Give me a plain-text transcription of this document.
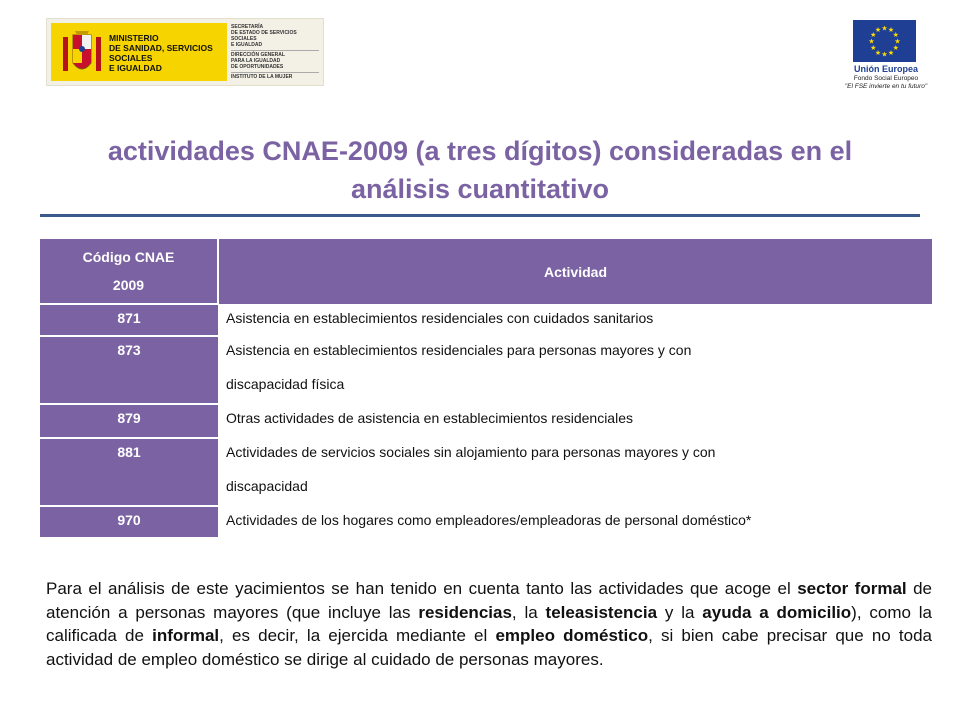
MINISTERIO
DE SANIDAD, SERVICIOS SOCIALES
E IGUALDAD
SECRETARÍA
DE ESTADO DE SERVICIOS SOCIALES
E IGUALDAD
DIRECCIÓN GENERAL
PARA LA IGUALDAD
DE OPORTUNIDADES
INSTITUTO DE LA MUJER
★ ★
★
★
★
★
★
★
★
★
★
★
Unión Europea
Fondo Social Europeo
"El FSE invierte en tu futuro"
actividades CNAE-2009 (a tres dígitos) consideradas en el
análisis cuantitativo
Código CNAE
2009	Actividad
871	Asistencia en establecimientos residenciales con cuidados sanitarios

873	Asistencia en establecimientos residenciales para personas mayores y con
discapacidad física

879	Otras actividades de asistencia en establecimientos residenciales

881	Actividades de servicios sociales sin alojamiento para personas mayores y con
discapacidad

970	Actividades de los hogares como empleadores/empleadoras de personal doméstico*

Para el análisis de este yacimientos se han tenido en cuenta tanto las actividades que acoge el sector formal de atención a personas mayores (que incluye las residencias, la teleasistencia y la ayuda a domicilio), como la calificada de informal, es decir, la ejercida mediante el empleo doméstico, si bien cabe precisar que no toda actividad de empleo doméstico se dirige al cuidado de personas mayores.
